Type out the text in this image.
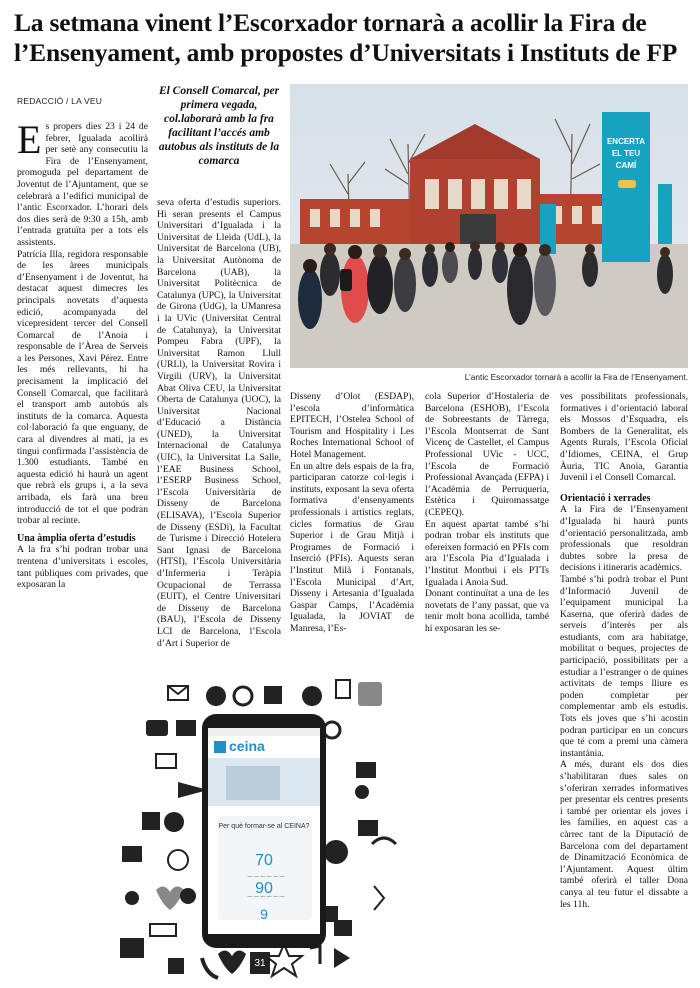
La setmana vinent l’Escorxador tornarà a acollir la Fira de l’Ensenyament, amb propostes d’Universitats i Instituts de FP
REDACCIÓ / LA VEU

Es propers dies 23 i 24 de febrer, Igualada acollirà per setè any consecutiu la Fira de l’Ensenyament, promoguda pel departament de Joventut de l’Ajuntament, que se celebrarà a l’edifici municipal de l’antic Escorxador. L’horari dels dos dies serà de 9:30 a 15h, amb l’entrada gratuïta per a tots els assistents.

Patrícia Illa, regidora responsable de les àrees municipals d’Ensenyament i de Joventut, ha destacat aquest dimecres les principals novetats d’aquesta edició, acompanyada del vicepresident tercer del Consell Comarcal de l’Anoia i responsable de l’Àrea de Serveis a les Persones, Xavi Pérez. Entre les més rellevants, hi ha precisament la implicació del Consell Comarcal, que facilitarà el transport amb autobús als instituts de la comarca. Aquesta col·laboració fa que enguany, de cara al divendres al matí, ja es tingui confirmada l’assistència de 1.300 estudiants. També en aquesta edició hi haurà un agent que rebrà els grups i, a la seva arribada, els farà una breu introducció de tot el que podran trobar al recinte.

Una àmplia oferta d’estudis

A la fra s’hi podran trobar una trentena d’universitats i escoles, tant públiques com privades, que exposaran la

El Consell Comarcal, per primera vegada, col.laborarà amb la fra facilitant l’accés amb autobus als instituts de la comarca

seva oferta d’estudis superiors. Hi seran presents el Campus Universitari d’Igualada i la Universitat de Lleida (UdL), la Universitat de Barcelona (UB), la Universitat Autònoma de Barcelona (UAB), la Universitat Politècnica de Catalunya (UPC), la Universitat de Girona (UdG), la UManresa i la UVic (Universitat Central de Catalunya), la Universitat Pompeu Fabra (UPF), la Universitat Ramon Llull (URLl), la Universitat Rovira i Virgili (URV), la Universitat Abat Oliva CEU, la Universitat Oberta de Catalunya (UOC), la Universitat Nacional d’Educació a Distància (UNED), la Universitat Internacional de Catalunya (UIC), la Universitat La Salle, l’EAE Business School, l’ESERP Business School, l’Escola Universitària de Disseny de Barcelona (ELISAVA), l’Escola Superior de Disseny (ESDi), la Facultat de Turisme i Direcció Hotelera Sant Ignasi de Barcelona (HTSI), l’Escola Universitària d’Infermeria i Teràpia Ocupacional de Terrassa (EUIT), el Centre Universitari de Disseny de Barcelona (BAU), l’Escola de Disseny LCI de Barcelona, l’Escola d’Art i Superior de

ENCERTA
EL TEU
CAMÍ
L’antic Escorxador tornarà a acollir la Fira de l’Ensenyament.

Disseny d’Olot (ESDAP), l’escola d’informàtica EPITECH, l’Ostelea School of Tourism and Hospitality i Les Roches International School of Hotel Management.

En un altre dels espais de la fra, participaran catorze col·legis i instituts, exposant la seva oferta formativa d’ensenyaments professionals i artístics reglats, cicles formatius de Grau Superior i de Grau Mitjà i Programes de Formació i Inserció (PFIs). Aquests seran l’Institut Milà i Fontanals, l’Escola Municipal d’Art, Disseny i Artesania d’Igualada Gaspar Camps, l’Acadèmia Igualada, la JOVIAT de Manresa, l’Es-

cola Superior d’Hostaleria de Barcelona (ESHOB), l’Escola de Sobreestants de Tàrrega, l’Escola Montserrat de Sant Vicenç de Castellet, el Campus Professional UVic - UCC, l’Escola de Formació Professional Avançada (EFPA) i l’Acadèmia de Perruqueria, Estètica i Quiromassatge (CEPEQ).

En aquest apartat també s’hi podran trobar els instituts que ofereixen formació en PFIs com ara l’Escola Pia d’Igualada i l’Institut Montbui i els PTTs Igualada i Anoia Sud.

Donant continuïtat a una de les novetats de l’any passat, que va tenir molt bona acollida, també hi exposaran les se-

ves possibilitats professionals, formatives i d’orientació laboral els Mossos d’Esquadra, els Bombers de la Generalitat, els Agents Rurals, l’Escola Oficial d’Idiomes, CEINA, el Grup Àuria, TIC Anoia, Garantia Juvenil i el Consell Comarcal.

Orientació i xerrades

A la Fira de l’Ensenyament d’Igualada hi haurà punts d’orientació personalitzada, amb professionals que resoldran dubtes sobre la presa de decisions i itineraris acadèmics.

També s’hi podrà trobar el Punt d’Informació Juvenil de l’equipament municipal La Kaserna, que oferirà dades de serveis d’interès per als estudiants, com ara habitatge, mobilitat o beques, projectes de participació, possibilitats per a estudiar a l’estranger o de quines activitats de temps lliure es poden completar per complementar amb els estudis. Tots els joves que s’hi acostin podran participar en un concurs que té com a premi una càmera instantània.

A més, durant els dos dies s’habilitaran dues sales on s’oferiran xerrades informatives per presentar els centres presents i també per orientar els joves i les famílies, en aquest cas a càrrec tant de la Diputació de Barcelona com del departament de Dinamització Econòmica de l’Ajuntament. Aquest últim també oferirà el taller Dona canya al teu futur el dissabte a les 11h.

— — — — — —
— — — — — —
ceina
Per què formar-se al CEINA?
70
90
9
31
